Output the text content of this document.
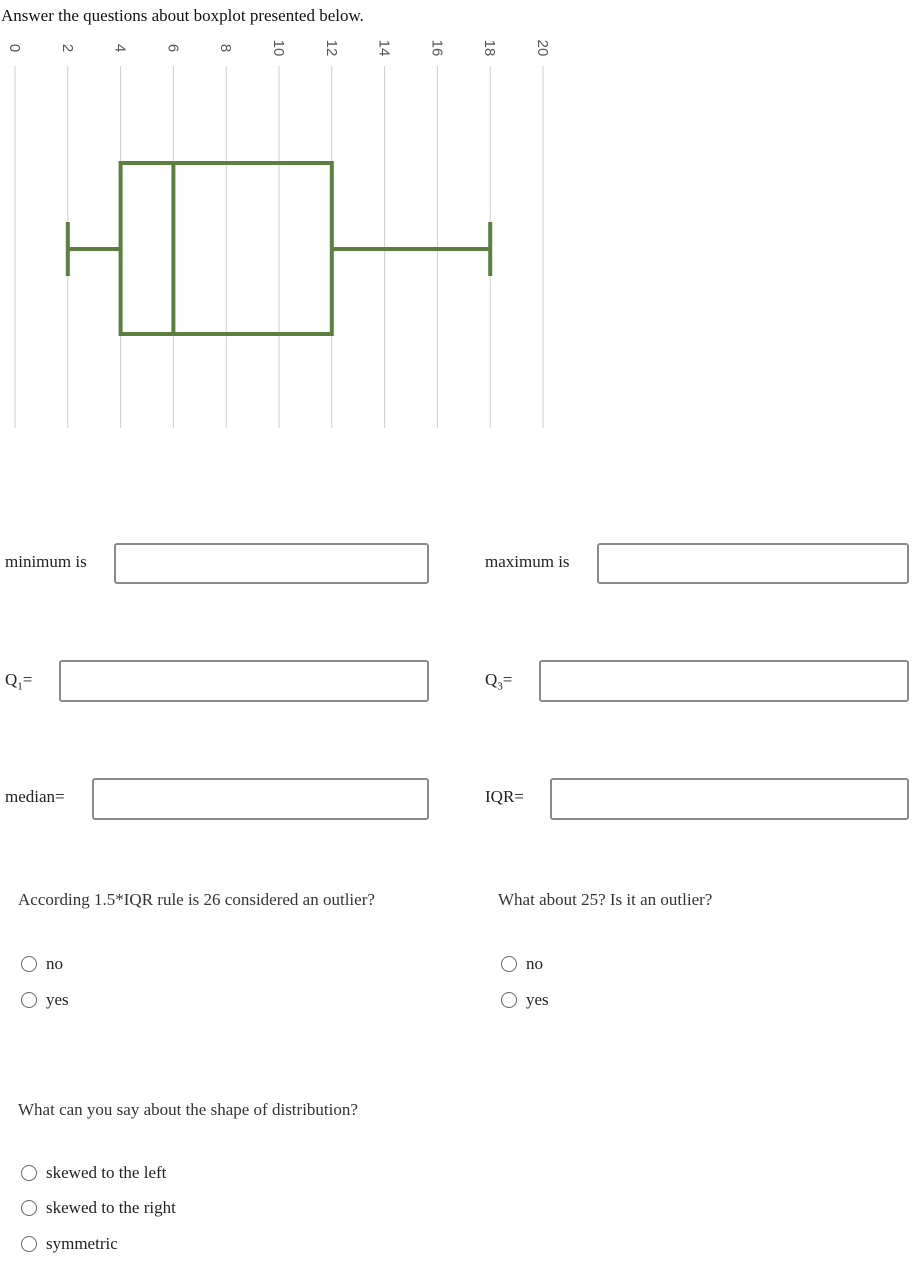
Answer the questions about boxplot presented below.
0 2 4 6 8 10 12 14 16 18 20
minimum is	maximum is
$Q_1=$	$Q_3=$
median=	IQR=
According 1.5*IQR rule is 26 considered an outlier?
no
yes
What about 25? Is it an outlier?
no
yes
What can you say about the shape of distribution?
skewed to the left
skewed to the right
symmetric
